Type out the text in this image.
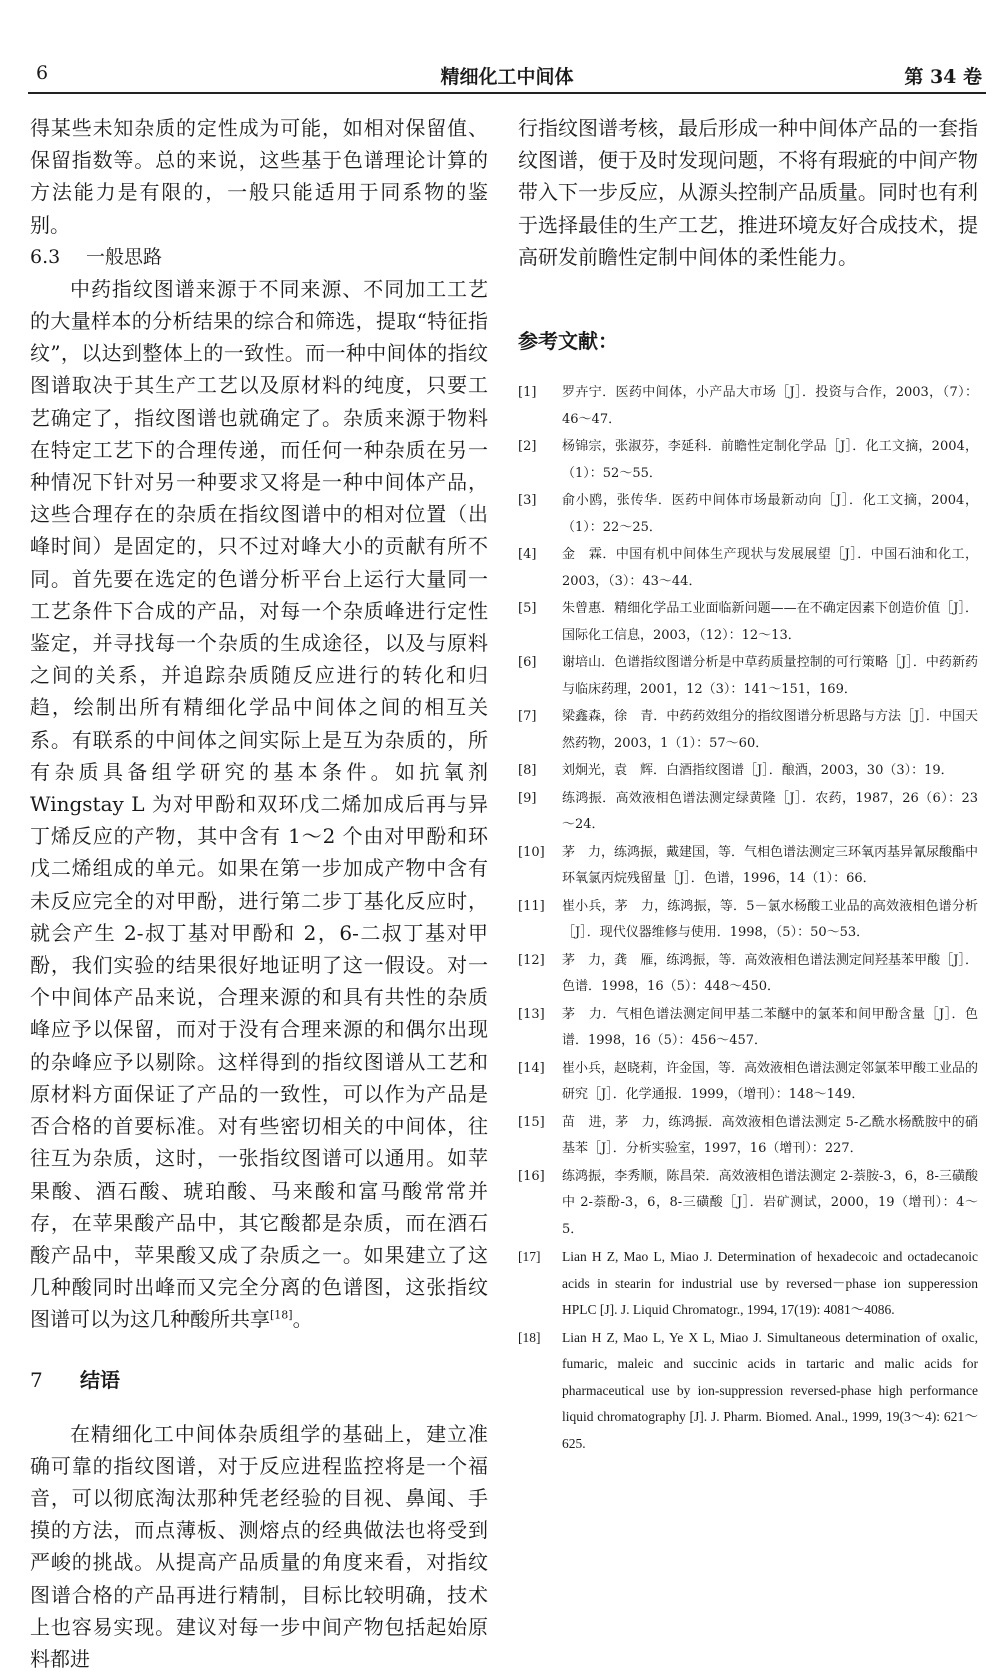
6	精细化工中间体	第 34 卷

得某些未知杂质的定性成为可能，如相对保留值、保留指数等。总的来说，这些基于色谱理论计算的方法能力是有限的，一般只能适用于同系物的鉴别。

6.3 一般思路

中药指纹图谱来源于不同来源、不同加工工艺的大量样本的分析结果的综合和筛选，提取“特征指纹”，以达到整体上的一致性。而一种中间体的指纹图谱取决于其生产工艺以及原材料的纯度，只要工艺确定了，指纹图谱也就确定了。杂质来源于物料在特定工艺下的合理传递，而任何一种杂质在另一种情况下针对另一种要求又将是一种中间体产品，这些合理存在的杂质在指纹图谱中的相对位置（出峰时间）是固定的，只不过对峰大小的贡献有所不同。首先要在选定的色谱分析平台上运行大量同一工艺条件下合成的产品，对每一个杂质峰进行定性鉴定，并寻找每一个杂质的生成途径，以及与原料之间的关系，并追踪杂质随反应进行的转化和归趋，绘制出所有精细化学品中间体之间的相互关系。有联系的中间体之间实际上是互为杂质的，所有杂质具备组学研究的基本条件。如抗氧剂 Wingstay L 为对甲酚和双环戊二烯加成后再与异丁烯反应的产物，其中含有 1～2 个由对甲酚和环戊二烯组成的单元。如果在第一步加成产物中含有未反应完全的对甲酚，进行第二步丁基化反应时，就会产生 2-叔丁基对甲酚和 2，6-二叔丁基对甲酚，我们实验的结果很好地证明了这一假设。对一个中间体产品来说，合理来源的和具有共性的杂质峰应予以保留，而对于没有合理来源的和偶尔出现的杂峰应予以剔除。这样得到的指纹图谱从工艺和原材料方面保证了产品的一致性，可以作为产品是否合格的首要标准。对有些密切相关的中间体，往往互为杂质，这时，一张指纹图谱可以通用。如苹果酸、酒石酸、琥珀酸、马来酸和富马酸常常并存，在苹果酸产品中，其它酸都是杂质，而在酒石酸产品中，苹果酸又成了杂质之一。如果建立了这几种酸同时出峰而又完全分离的色谱图，这张指纹图谱可以为这几种酸所共享[18]。

7 结语

在精细化工中间体杂质组学的基础上，建立准确可靠的指纹图谱，对于反应进程监控将是一个福音，可以彻底淘汰那种凭老经验的目视、鼻闻、手摸的方法，而点薄板、测熔点的经典做法也将受到严峻的挑战。从提高产品质量的角度来看，对指纹图谱合格的产品再进行精制，目标比较明确，技术上也容易实现。建议对每一步中间产物包括起始原料都进

行指纹图谱考核，最后形成一种中间体产品的一套指纹图谱，便于及时发现问题，不将有瑕疵的中间产物带入下一步反应，从源头控制产品质量。同时也有利于选择最佳的生产工艺，推进环境友好合成技术，提高研发前瞻性定制中间体的柔性能力。

参考文献：
[1] 罗卉宁．医药中间体，小产品大市场［J］．投资与合作，2003，（7）：46～47．
[2] 杨锦宗，张淑芬，李延科．前瞻性定制化学品［J］．化工文摘，2004，（1）：52～55．
[3] 俞小鸥，张传华．医药中间体市场最新动向［J］．化工文摘，2004，（1）：22～25．
[4] 金　霖．中国有机中间体生产现状与发展展望［J］．中国石油和化工，2003，（3）：43～44．
[5] 朱曾惠．精细化学品工业面临新问题——在不确定因素下创造价值［J］．国际化工信息，2003，（12）：12～13．
[6] 谢培山．色谱指纹图谱分析是中草药质量控制的可行策略［J］．中药新药与临床药理，2001，12（3）：141～151，169．
[7] 梁鑫森，徐　青．中药药效组分的指纹图谱分析思路与方法［J］．中国天然药物，2003，1（1）：57～60．
[8] 刘炯光，袁　辉．白酒指纹图谱［J］．酿酒，2003，30（3）：19．
[9] 练鸿振．高效液相色谱法测定绿黄隆［J］．农药，1987，26（6）：23～24．
[10] 茅　力，练鸿振，戴建国，等．气相色谱法测定三环氧丙基异氰尿酸酯中环氧氯丙烷残留量［J］．色谱，1996，14（1）：66．
[11] 崔小兵，茅　力，练鸿振，等．5－氯水杨酸工业品的高效液相色谱分析［J］．现代仪器维修与使用．1998，（5）：50～53．
[12] 茅　力，龚　雁，练鸿振，等．高效液相色谱法测定间羟基苯甲酸［J］．色谱．1998，16（5）：448～450．
[13] 茅　力．气相色谱法测定间甲基二苯醚中的氯苯和间甲酚含量［J］．色谱．1998，16（5）：456～457．
[14] 崔小兵，赵晓莉，许金国，等．高效液相色谱法测定邻氯苯甲酸工业品的研究［J］．化学通报．1999，（增刊）：148～149．
[15] 苗　进，茅　力，练鸿振．高效液相色谱法测定 5-乙酰水杨酰胺中的硝基苯［J］．分析实验室，1997，16（增刊）：227．
[16] 练鸿振，李秀顺，陈昌荣．高效液相色谱法测定 2-萘胺-3，6，8-三磺酸中 2-萘酚-3，6，8-三磺酸［J］．岩矿测试，2000，19（增刊）：4～5．
[17] Lian H Z, Mao L, Miao J. Determination of hexadecoic and octadecanoic acids in stearin for industrial use by reversed－phase ion supperession HPLC [J]. J. Liquid Chromatogr., 1994, 17(19): 4081～4086.
[18] Lian H Z, Mao L, Ye X L, Miao J. Simultaneous determination of oxalic, fumaric, maleic and succinic acids in tartaric and malic acids for pharmaceutical use by ion-suppression reversed-phase high performance liquid chromatography [J]. J. Pharm. Biomed. Anal., 1999, 19(3～4): 621～625.
